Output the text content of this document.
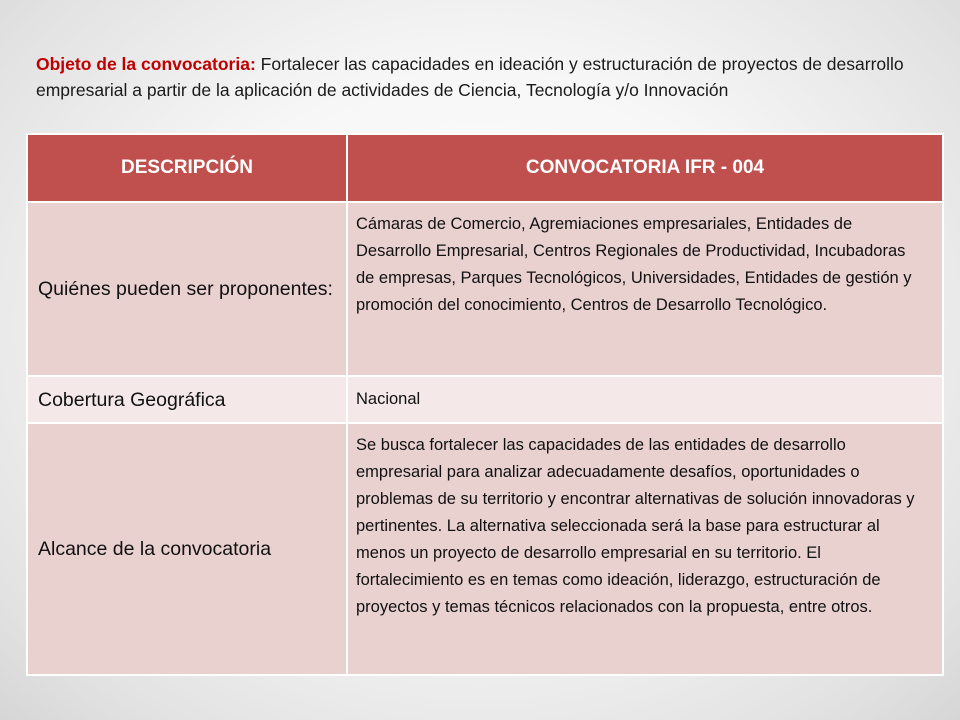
Objeto de la convocatoria: Fortalecer las capacidades en ideación y estructuración de proyectos de desarrollo empresarial a partir de la aplicación de actividades de Ciencia, Tecnología y/o Innovación

DESCRIPCIÓN	CONVOCATORIA IFR - 004
Quiénes pueden ser proponentes:	Cámaras de Comercio, Agremiaciones empresariales, Entidades de Desarrollo Empresarial, Centros Regionales de Productividad, Incubadoras de empresas, Parques Tecnológicos, Universidades, Entidades de gestión y promoción del conocimiento, Centros de Desarrollo Tecnológico.
Cobertura Geográfica	Nacional
Alcance de la convocatoria	Se busca fortalecer las capacidades de las entidades de desarrollo empresarial para analizar adecuadamente desafíos, oportunidades o problemas de su territorio y encontrar alternativas de solución innovadoras y pertinentes. La alternativa seleccionada será la base para estructurar al menos un proyecto de desarrollo empresarial en su territorio. El fortalecimiento es en temas como ideación, liderazgo, estructuración de proyectos y temas técnicos relacionados con la propuesta, entre otros.
